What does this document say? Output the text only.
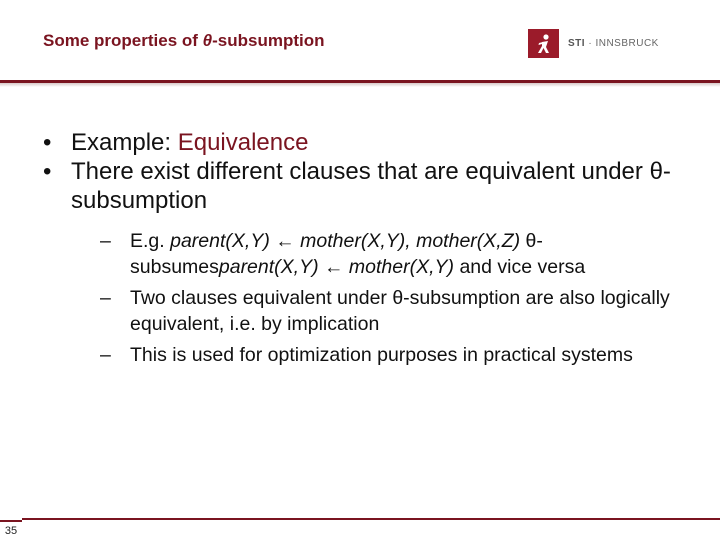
Some properties of θ-subsumption	STI · INNSBRUCK
• Example: Equivalence
• There exist different clauses that are equivalent under θ-subsumption
– E.g. parent(X,Y) ← mother(X,Y), mother(X,Z) θ-subsumesparent(X,Y) ← mother(X,Y) and vice versa
– Two clauses equivalent under θ-subsumption are also logically equivalent, i.e. by implication
– This is used for optimization purposes in practical systems
35
